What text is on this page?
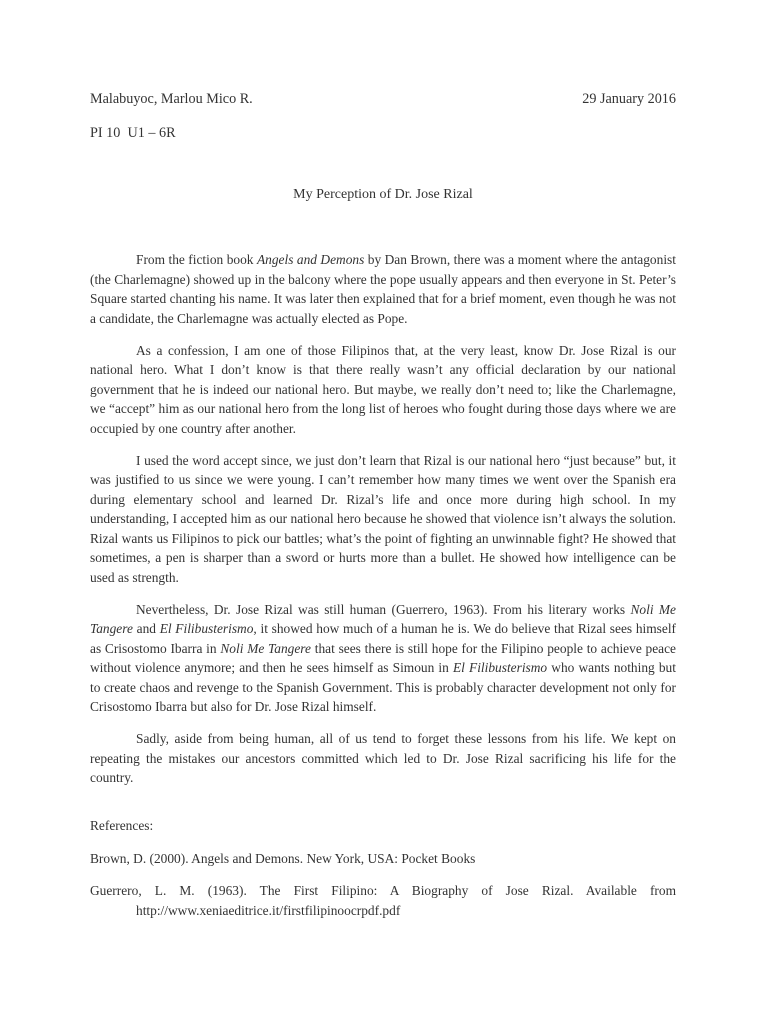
Malabuyoc, Marlou Mico R.	29 January 2016
PI 10  U1 – 6R
My Perception of Dr. Jose Rizal

From the fiction book Angels and Demons by Dan Brown, there was a moment where the antagonist (the Charlemagne) showed up in the balcony where the pope usually appears and then everyone in St. Peter’s Square started chanting his name. It was later then explained that for a brief moment, even though he was not a candidate, the Charlemagne was actually elected as Pope.

As a confession, I am one of those Filipinos that, at the very least, know Dr. Jose Rizal is our national hero. What I don’t know is that there really wasn’t any official declaration by our national government that he is indeed our national hero. But maybe, we really don’t need to; like the Charlemagne, we “accept” him as our national hero from the long list of heroes who fought during those days where we are occupied by one country after another.

I used the word accept since, we just don’t learn that Rizal is our national hero “just because” but, it was justified to us since we were young. I can’t remember how many times we went over the Spanish era during elementary school and learned Dr. Rizal’s life and once more during high school. In my understanding, I accepted him as our national hero because he showed that violence isn’t always the solution. Rizal wants us Filipinos to pick our battles; what’s the point of fighting an unwinnable fight? He showed that sometimes, a pen is sharper than a sword or hurts more than a bullet. He showed how intelligence can be used as strength.

Nevertheless, Dr. Jose Rizal was still human (Guerrero, 1963). From his literary works Noli Me Tangere and El Filibusterismo, it showed how much of a human he is. We do believe that Rizal sees himself as Crisostomo Ibarra in Noli Me Tangere that sees there is still hope for the Filipino people to achieve peace without violence anymore; and then he sees himself as Simoun in El Filibusterismo who wants nothing but to create chaos and revenge to the Spanish Government. This is probably character development not only for Crisostomo Ibarra but also for Dr. Jose Rizal himself.

Sadly, aside from being human, all of us tend to forget these lessons from his life. We kept on repeating the mistakes our ancestors committed which led to Dr. Jose Rizal sacrificing his life for the country.

References:

Brown, D. (2000). Angels and Demons. New York, USA: Pocket Books

Guerrero, L. M. (1963). The First Filipino: A Biography of Jose Rizal. Available from http://www.xeniaeditrice.it/firstfilipinoocrpdf.pdf
